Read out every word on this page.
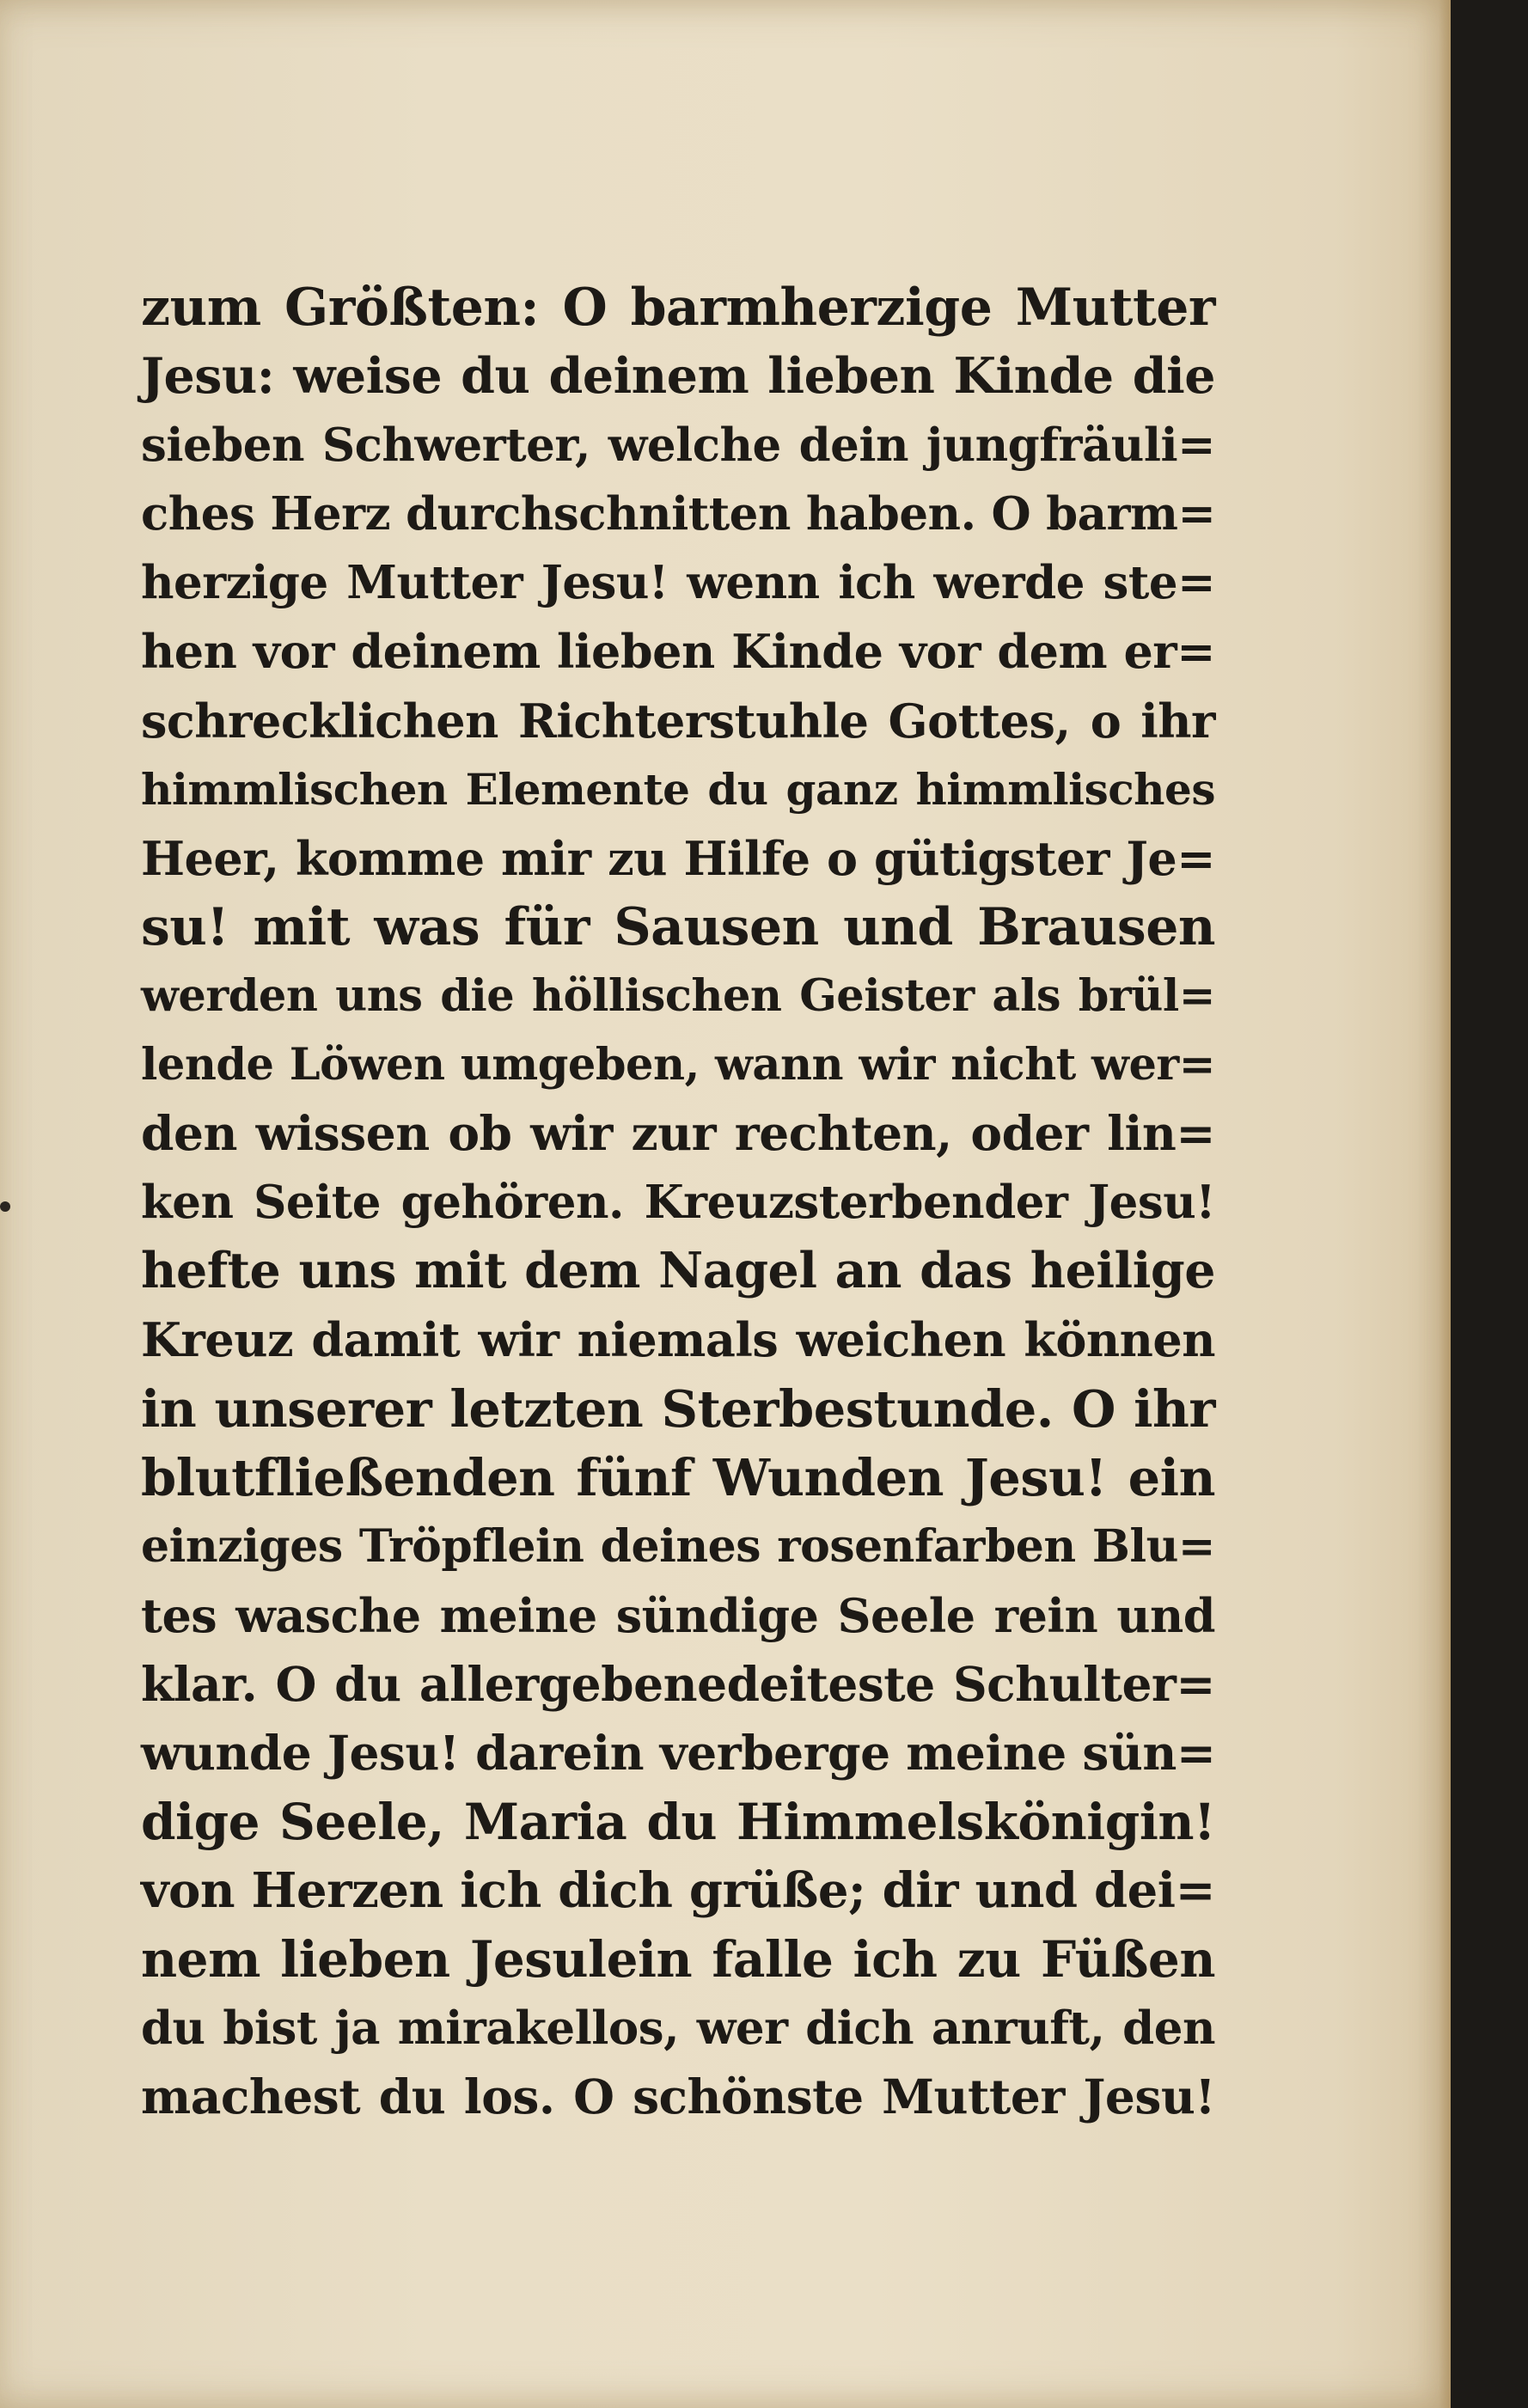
zum Größten: O barmherzige Mutter
Jesu: weise du deinem lieben Kinde die
sieben Schwerter, welche dein jungfräuli=
ches Herz durchschnitten haben. O barm=
herzige Mutter Jesu! wenn ich werde ste=
hen vor deinem lieben Kinde vor dem er=
schrecklichen Richterstuhle Gottes, o ihr
himmlischen Elemente du ganz himmlisches
Heer, komme mir zu Hilfe o gütigster Je=
su! mit was für Sausen und Brausen
werden uns die höllischen Geister als brül=
lende Löwen umgeben, wann wir nicht wer=
den wissen ob wir zur rechten, oder lin=
ken Seite gehören. Kreuzsterbender Jesu!
hefte uns mit dem Nagel an das heilige
Kreuz damit wir niemals weichen können
in unserer letzten Sterbestunde. O ihr
blutfließenden fünf Wunden Jesu! ein
einziges Tröpflein deines rosenfarben Blu=
tes wasche meine sündige Seele rein und
klar. O du allergebenedeiteste Schulter=
wunde Jesu! darein verberge meine sün=
dige Seele, Maria du Himmelskönigin!
von Herzen ich dich grüße; dir und dei=
nem lieben Jesulein falle ich zu Füßen
du bist ja mirakellos, wer dich anruft, den
machest du los. O schönste Mutter Jesu!
